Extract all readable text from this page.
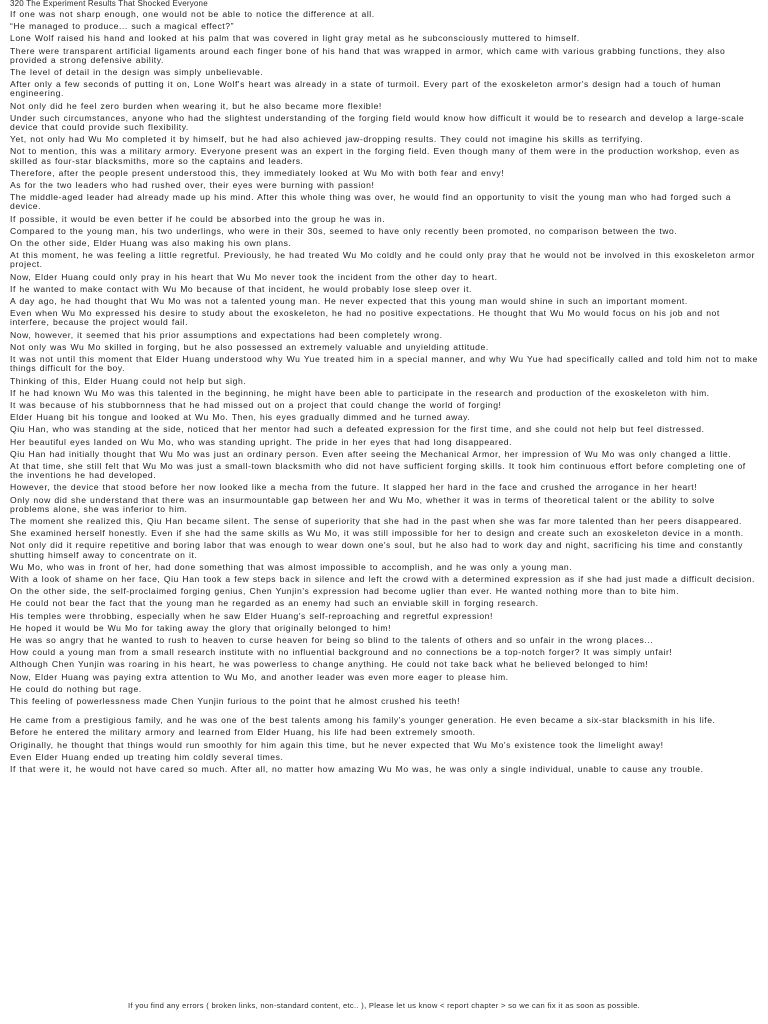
320 The Experiment Results That Shocked Everyone

If one was not sharp enough, one would not be able to notice the difference at all.

“He managed to produce... such a magical effect?”

Lone Wolf raised his hand and looked at his palm that was covered in light gray metal as he subconsciously muttered to himself.

There were transparent artificial ligaments around each finger bone of his hand that was wrapped in armor, which came with various grabbing functions, they also provided a strong defensive ability.

The level of detail in the design was simply unbelievable.

After only a few seconds of putting it on, Lone Wolf's heart was already in a state of turmoil. Every part of the exoskeleton armor's design had a touch of human engineering.

Not only did he feel zero burden when wearing it, but he also became more flexible!

Under such circumstances, anyone who had the slightest understanding of the forging field would know how difficult it would be to research and develop a large-scale device that could provide such flexibility.

Yet, not only had Wu Mo completed it by himself, but he had also achieved jaw-dropping results. They could not imagine his skills as terrifying.

Not to mention, this was a military armory. Everyone present was an expert in the forging field. Even though many of them were in the production workshop, even as skilled as four-star blacksmiths, more so the captains and leaders.

Therefore, after the people present understood this, they immediately looked at Wu Mo with both fear and envy!

As for the two leaders who had rushed over, their eyes were burning with passion!

The middle-aged leader had already made up his mind. After this whole thing was over, he would find an opportunity to visit the young man who had forged such a device.

If possible, it would be even better if he could be absorbed into the group he was in.

Compared to the young man, his two underlings, who were in their 30s, seemed to have only recently been promoted, no comparison between the two.

On the other side, Elder Huang was also making his own plans.

At this moment, he was feeling a little regretful. Previously, he had treated Wu Mo coldly and he could only pray that he would not be involved in this exoskeleton armor project.

Now, Elder Huang could only pray in his heart that Wu Mo never took the incident from the other day to heart.

If he wanted to make contact with Wu Mo because of that incident, he would probably lose sleep over it.

A day ago, he had thought that Wu Mo was not a talented young man. He never expected that this young man would shine in such an important moment.

Even when Wu Mo expressed his desire to study about the exoskeleton, he had no positive expectations. He thought that Wu Mo would focus on his job and not interfere, because the project would fail.

Now, however, it seemed that his prior assumptions and expectations had been completely wrong.

Not only was Wu Mo skilled in forging, but he also possessed an extremely valuable and unyielding attitude.

It was not until this moment that Elder Huang understood why Wu Yue treated him in a special manner, and why Wu Yue had specifically called and told him not to make things difficult for the boy.

Thinking of this, Elder Huang could not help but sigh.

If he had known Wu Mo was this talented in the beginning, he might have been able to participate in the research and production of the exoskeleton with him.

It was because of his stubbornness that he had missed out on a project that could change the world of forging!

Elder Huang bit his tongue and looked at Wu Mo. Then, his eyes gradually dimmed and he turned away.

Qiu Han, who was standing at the side, noticed that her mentor had such a defeated expression for the first time, and she could not help but feel distressed.

Her beautiful eyes landed on Wu Mo, who was standing upright. The pride in her eyes that had long disappeared.

Qiu Han had initially thought that Wu Mo was just an ordinary person. Even after seeing the Mechanical Armor, her impression of Wu Mo was only changed a little.

At that time, she still felt that Wu Mo was just a small-town blacksmith who did not have sufficient forging skills. It took him continuous effort before completing one of the inventions he had developed.

However, the device that stood before her now looked like a mecha from the future. It slapped her hard in the face and crushed the arrogance in her heart!

Only now did she understand that there was an insurmountable gap between her and Wu Mo, whether it was in terms of theoretical talent or the ability to solve problems alone, she was inferior to him.

The moment she realized this, Qiu Han became silent. The sense of superiority that she had in the past when she was far more talented than her peers disappeared.

She examined herself honestly. Even if she had the same skills as Wu Mo, it was still impossible for her to design and create such an exoskeleton device in a month.

Not only did it require repetitive and boring labor that was enough to wear down one's soul, but he also had to work day and night, sacrificing his time and constantly shutting himself away to concentrate on it.

Wu Mo, who was in front of her, had done something that was almost impossible to accomplish, and he was only a young man.

With a look of shame on her face, Qiu Han took a few steps back in silence and left the crowd with a determined expression as if she had just made a difficult decision.

On the other side, the self-proclaimed forging genius, Chen Yunjin's expression had become uglier than ever. He wanted nothing more than to bite him.

He could not bear the fact that the young man he regarded as an enemy had such an enviable skill in forging research.

His temples were throbbing, especially when he saw Elder Huang's self-reproaching and regretful expression!

He hoped it would be Wu Mo for taking away the glory that originally belonged to him!

He was so angry that he wanted to rush to heaven to curse heaven for being so blind to the talents of others and so unfair in the wrong places...

How could a young man from a small research institute with no influential background and no connections be a top-notch forger? It was simply unfair!

Although Chen Yunjin was roaring in his heart, he was powerless to change anything. He could not take back what he believed belonged to him!

Now, Elder Huang was paying extra attention to Wu Mo, and another leader was even more eager to please him.

He could do nothing but rage.

This feeling of powerlessness made Chen Yunjin furious to the point that he almost crushed his teeth!

He came from a prestigious family, and he was one of the best talents among his family's younger generation. He even became a six-star blacksmith in his life.

Before he entered the military armory and learned from Elder Huang, his life had been extremely smooth.

Originally, he thought that things would run smoothly for him again this time, but he never expected that Wu Mo's existence took the limelight away!

Even Elder Huang ended up treating him coldly several times.

If that were it, he would not have cared so much. After all, no matter how amazing Wu Mo was, he was only a single individual, unable to cause any trouble.

If you find any errors ( broken links, non-standard content, etc.. ), Please let us know < report chapter > so we can fix it as soon as possible.
